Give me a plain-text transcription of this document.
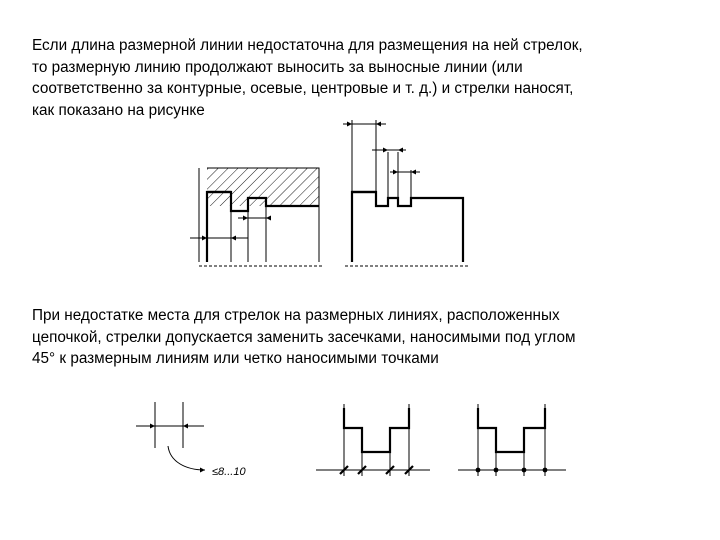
Если длина размерной линии недостаточна для размещения на ней стрелок,
то размерную линию продолжают выносить за выносные линии (или
соответственно за контурные, осевые, центровые и т. д.) и стрелки наносят,
как показано на рисунке
При недостатке места для стрелок на размерных линиях, расположенных
цепочкой, стрелки допускается заменить засечками, наносимыми под углом
45° к размерным линиям или четко наносимыми точками
≤8...10
